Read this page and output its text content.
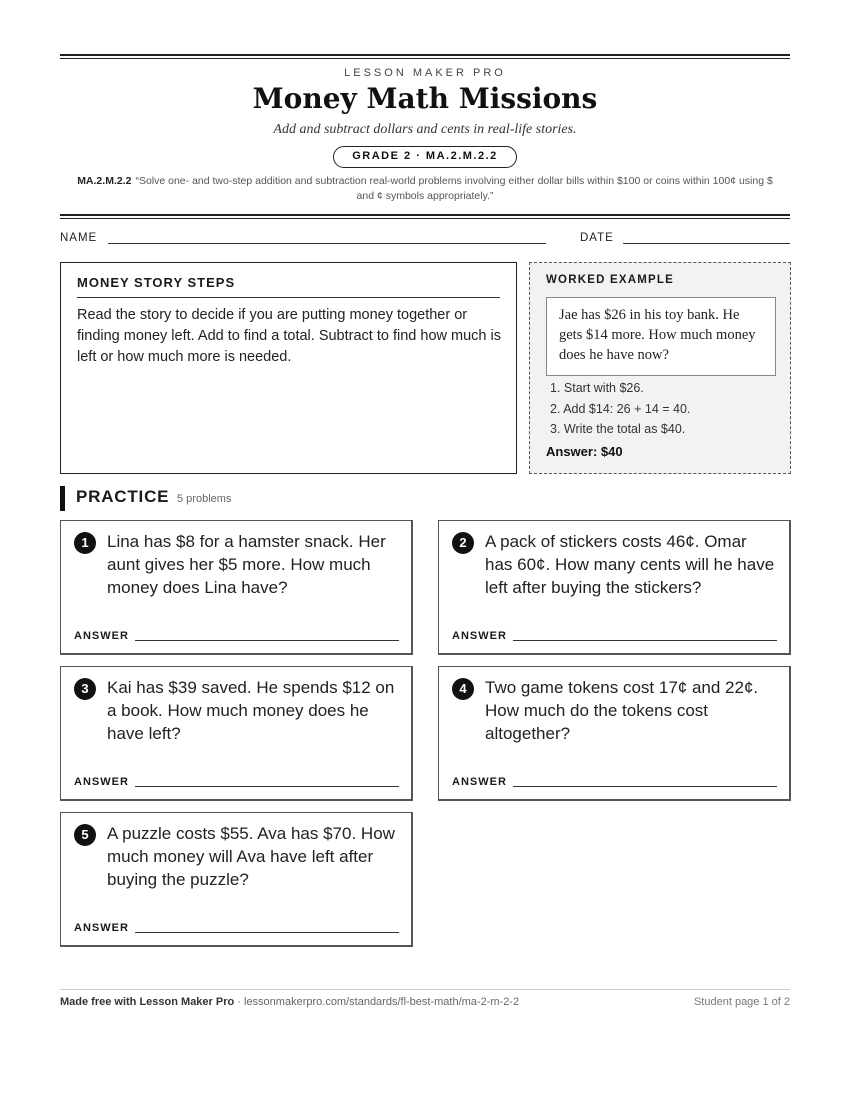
LESSON MAKER PRO
Money Math Missions
Add and subtract dollars and cents in real-life stories.
GRADE 2 · MA.2.M.2.2
MA.2.M.2.2 “Solve one- and two-step addition and subtraction real-world problems involving either dollar bills within $100 or coins within 100¢ using $ and ¢ symbols appropriately.”
NAME	DATE
MONEY STORY STEPS
Read the story to decide if you are putting money together or finding money left. Add to find a total. Subtract to find how much is left or how much more is needed.
WORKED EXAMPLE
Jae has $26 in his toy bank. He gets $14 more. How much money does he have now?
1. Start with $26.
2. Add $14: 26 + 14 = 40.
3. Write the total as $40.
Answer: $40
PRACTICE 5 problems
1	Lina has $8 for a hamster snack. Her aunt gives her $5 more. How much money does Lina have?
ANSWER
2	A pack of stickers costs 46¢. Omar has 60¢. How many cents will he have left after buying the stickers?
ANSWER
3	Kai has $39 saved. He spends $12 on a book. How much money does he have left?
ANSWER
4	Two game tokens cost 17¢ and 22¢. How much do the tokens cost altogether?
ANSWER
5	A puzzle costs $55. Ava has $70. How much money will Ava have left after buying the puzzle?
ANSWER
Made free with Lesson Maker Pro · lessonmakerpro.com/standards/fl-best-math/ma-2-m-2-2	Student page 1 of 2
